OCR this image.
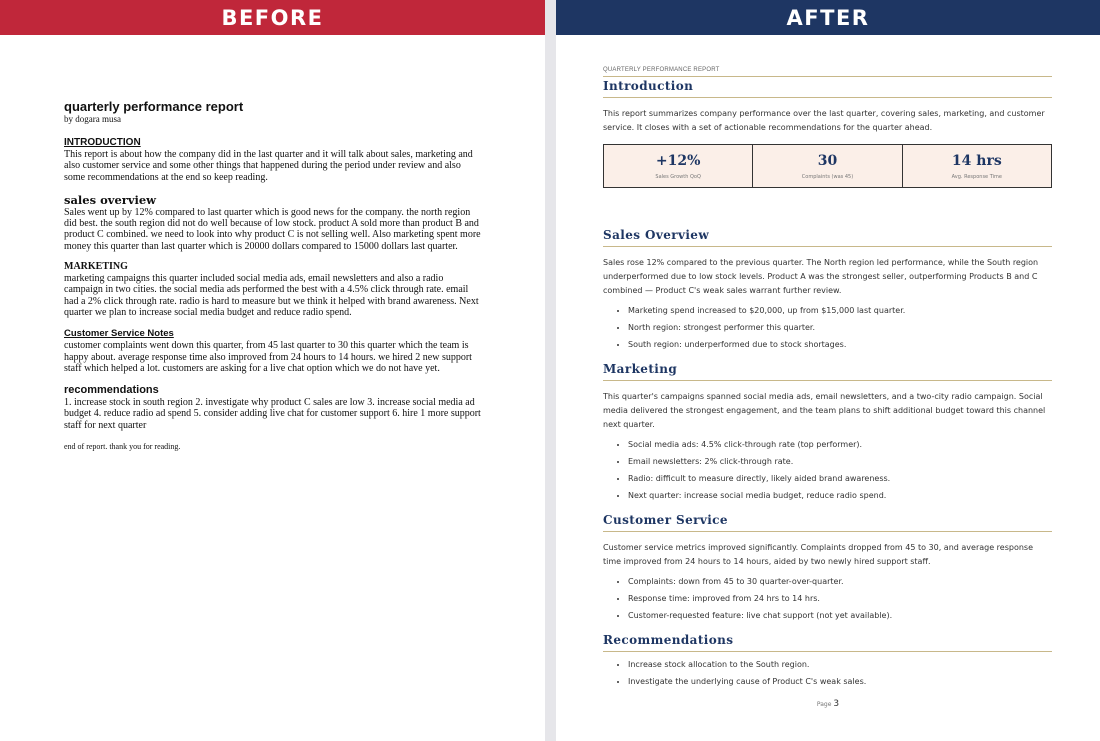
BEFORE	AFTER
quarterly performance report

by dogara musa

INTRODUCTION

This report is about how the company did in the last quarter and it will talk about sales, marketing and also customer service and some other things that happened during the period under review and also some recommendations at the end so keep reading.

sales overview

Sales went up by 12% compared to last quarter which is good news for the company. the north region did best. the south region did not do well because of low stock. product A sold more than product B and product C combined. we need to look into why product C is not selling well. Also marketing spent more money this quarter than last quarter which is 20000 dollars compared to 15000 dollars last quarter.

MARKETING

marketing campaigns this quarter included social media ads, email newsletters and also a radio campaign in two cities. the social media ads performed the best with a 4.5% click through rate. email had a 2% click through rate. radio is hard to measure but we think it helped with brand awareness. Next quarter we plan to increase social media budget and reduce radio spend.

Customer Service Notes

customer complaints went down this quarter, from 45 last quarter to 30 this quarter which the team is happy about. average response time also improved from 24 hours to 14 hours. we hired 2 new support staff which helped a lot. customers are asking for a live chat option which we do not have yet.

recommendations

1. increase stock in south region 2. investigate why product C sales are low 3. increase social media ad budget 4. reduce radio ad spend 5. consider adding live chat for customer support 6. hire 1 more support staff for next quarter

end of report. thank you for reading.

QUARTERLY PERFORMANCE REPORT

Introduction

This report summarizes company performance over the last quarter, covering sales, marketing, and customer service. It closes with a set of actionable recommendations for the quarter ahead.

+12%
Sales Growth QoQ
30
Complaints (was 45)
14 hrs
Avg. Response Time
Sales Overview

Sales rose 12% compared to the previous quarter. The North region led performance, while the South region underperformed due to low stock levels. Product A was the strongest seller, outperforming Products B and C combined — Product C's weak sales warrant further review.

• Marketing spend increased to $20,000, up from $15,000 last quarter.
• North region: strongest performer this quarter.
• South region: underperformed due to stock shortages.
Marketing

This quarter's campaigns spanned social media ads, email newsletters, and a two-city radio campaign. Social media delivered the strongest engagement, and the team plans to shift additional budget toward this channel next quarter.

• Social media ads: 4.5% click-through rate (top performer).
• Email newsletters: 2% click-through rate.
• Radio: difficult to measure directly, likely aided brand awareness.
• Next quarter: increase social media budget, reduce radio spend.
Customer Service

Customer service metrics improved significantly. Complaints dropped from 45 to 30, and average response time improved from 24 hours to 14 hours, aided by two newly hired support staff.

• Complaints: down from 45 to 30 quarter-over-quarter.
• Response time: improved from 24 hrs to 14 hrs.
• Customer-requested feature: live chat support (not yet available).
Recommendations
• Increase stock allocation to the South region.
• Investigate the underlying cause of Product C's weak sales.
Page 3
